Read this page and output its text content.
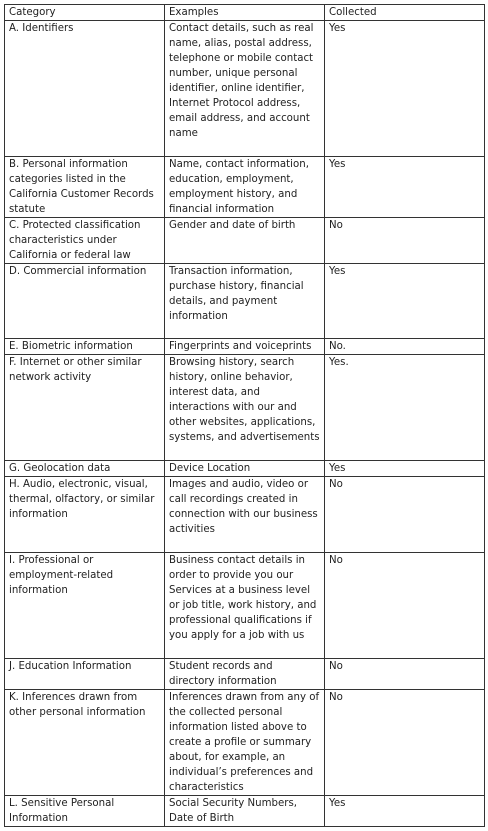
Category	Examples	Collected
A. Identifiers	Contact details, such as real name, alias, postal address, telephone or mobile contact number, unique personal identifier, online identifier, Internet Protocol address, email address, and account name	Yes
B. Personal information categories listed in the California Customer Records statute	Name, contact information, education, employment, employment history, and financial information	Yes
C. Protected classification characteristics under California or federal law	Gender and date of birth	No
D. Commercial information	Transaction information, purchase history, financial details, and payment information	Yes
E. Biometric information	Fingerprints and voiceprints	No.
F. Internet or other similar network activity	Browsing history, search history, online behavior, interest data, and interactions with our and other websites, applications, systems, and advertisements	Yes.
G. Geolocation data	Device Location	Yes
H. Audio, electronic, visual, thermal, olfactory, or similar information	Images and audio, video or call recordings created in connection with our business activities	No
I. Professional or employment-related information	Business contact details in order to provide you our Services at a business level or job title, work history, and professional qualifications if you apply for a job with us	No
J. Education Information	Student records and directory information	No
K. Inferences drawn from other personal information	Inferences drawn from any of the collected personal information listed above to create a profile or summary about, for example, an individual’s preferences and characteristics	No
L. Sensitive Personal Information	Social Security Numbers, Date of Birth	Yes
